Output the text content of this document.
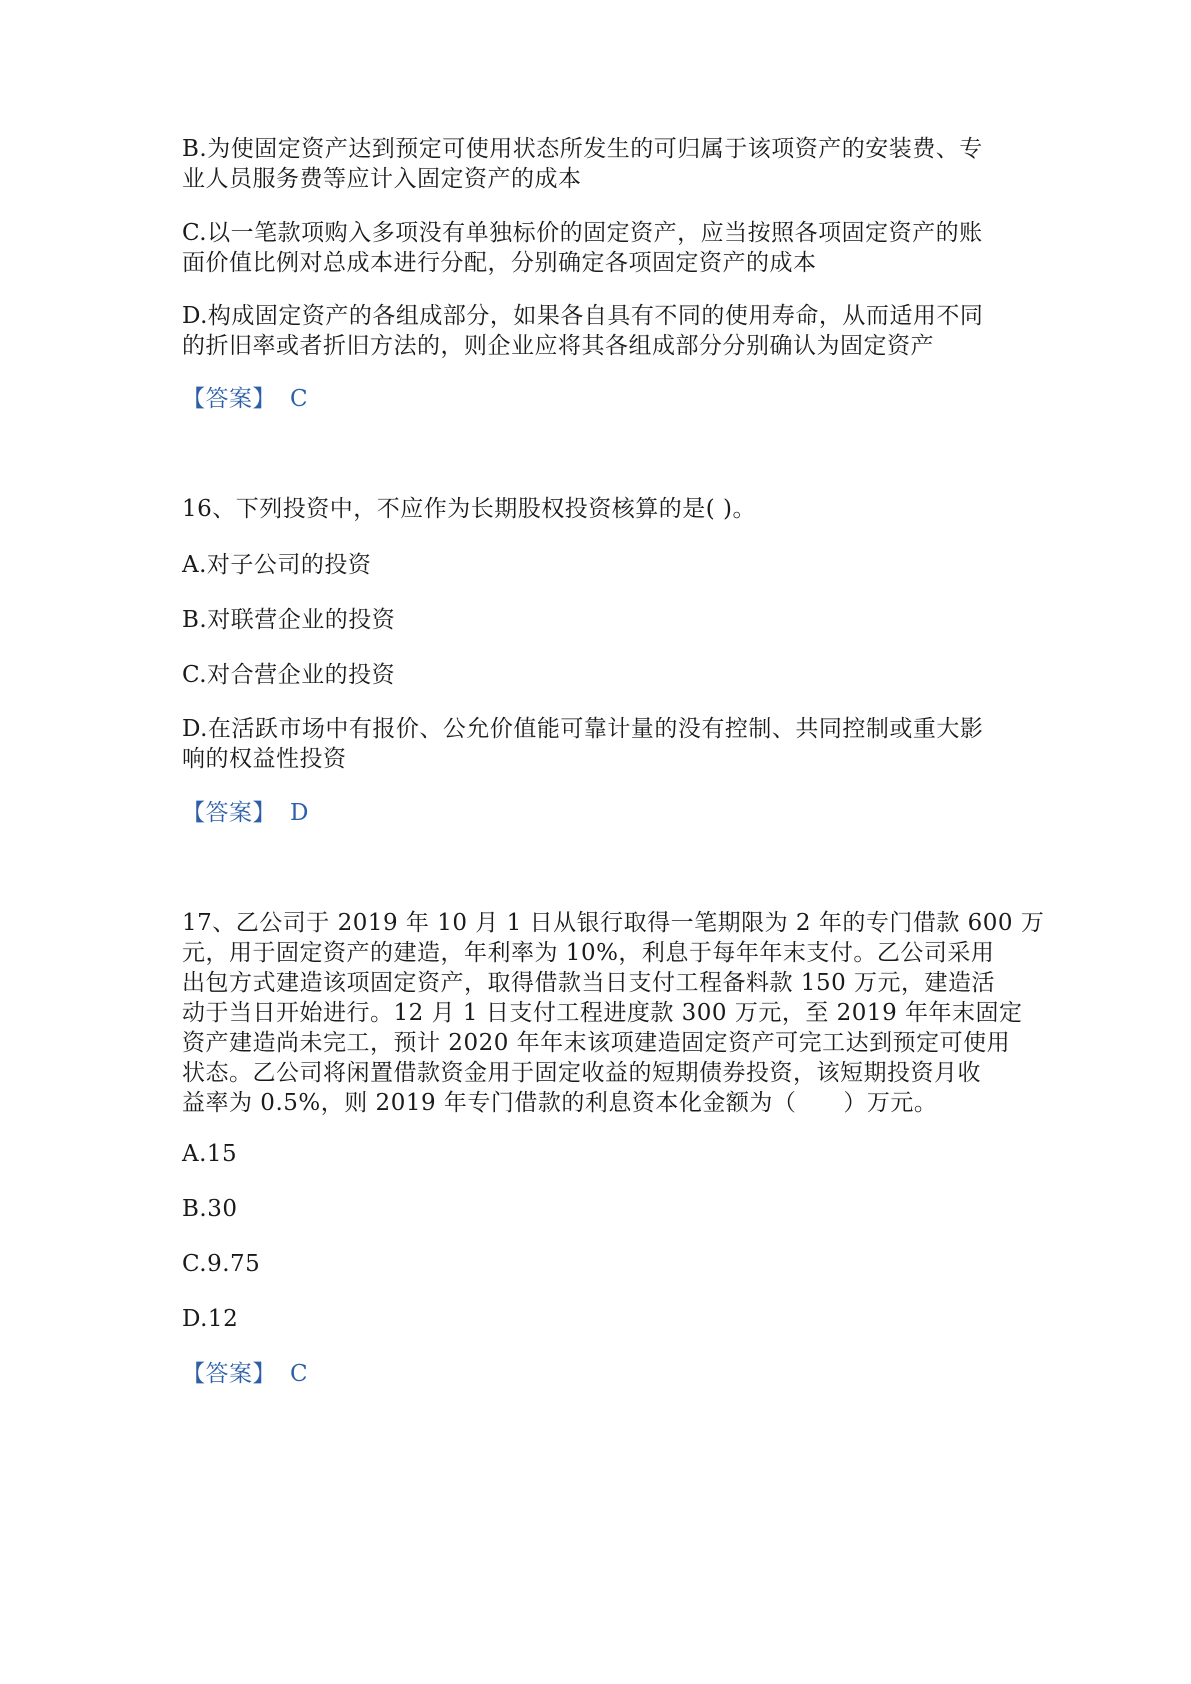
B.为使固定资产达到预定可使用状态所发生的可归属于该项资产的安装费、专
业人员服务费等应计入固定资产的成本
C.以一笔款项购入多项没有单独标价的固定资产，应当按照各项固定资产的账
面价值比例对总成本进行分配，分别确定各项固定资产的成本
D.构成固定资产的各组成部分，如果各自具有不同的使用寿命，从而适用不同
的折旧率或者折旧方法的，则企业应将其各组成部分分别确认为固定资产
【答案】 C
16、下列投资中，不应作为长期股权投资核算的是( )。
A.对子公司的投资
B.对联营企业的投资
C.对合营企业的投资
D.在活跃市场中有报价、公允价值能可靠计量的没有控制、共同控制或重大影
响的权益性投资
【答案】 D
17、乙公司于 2019 年 10 月 1 日从银行取得一笔期限为 2 年的专门借款 600 万
元，用于固定资产的建造，年利率为 10%，利息于每年年末支付。乙公司采用
出包方式建造该项固定资产，取得借款当日支付工程备料款 150 万元，建造活
动于当日开始进行。12 月 1 日支付工程进度款 300 万元，至 2019 年年末固定
资产建造尚未完工，预计 2020 年年末该项建造固定资产可完工达到预定可使用
状态。乙公司将闲置借款资金用于固定收益的短期债券投资，该短期投资月收
益率为 0.5%，则 2019 年专门借款的利息资本化金额为（　　）万元。
A.15
B.30
C.9.75
D.12
【答案】 C
